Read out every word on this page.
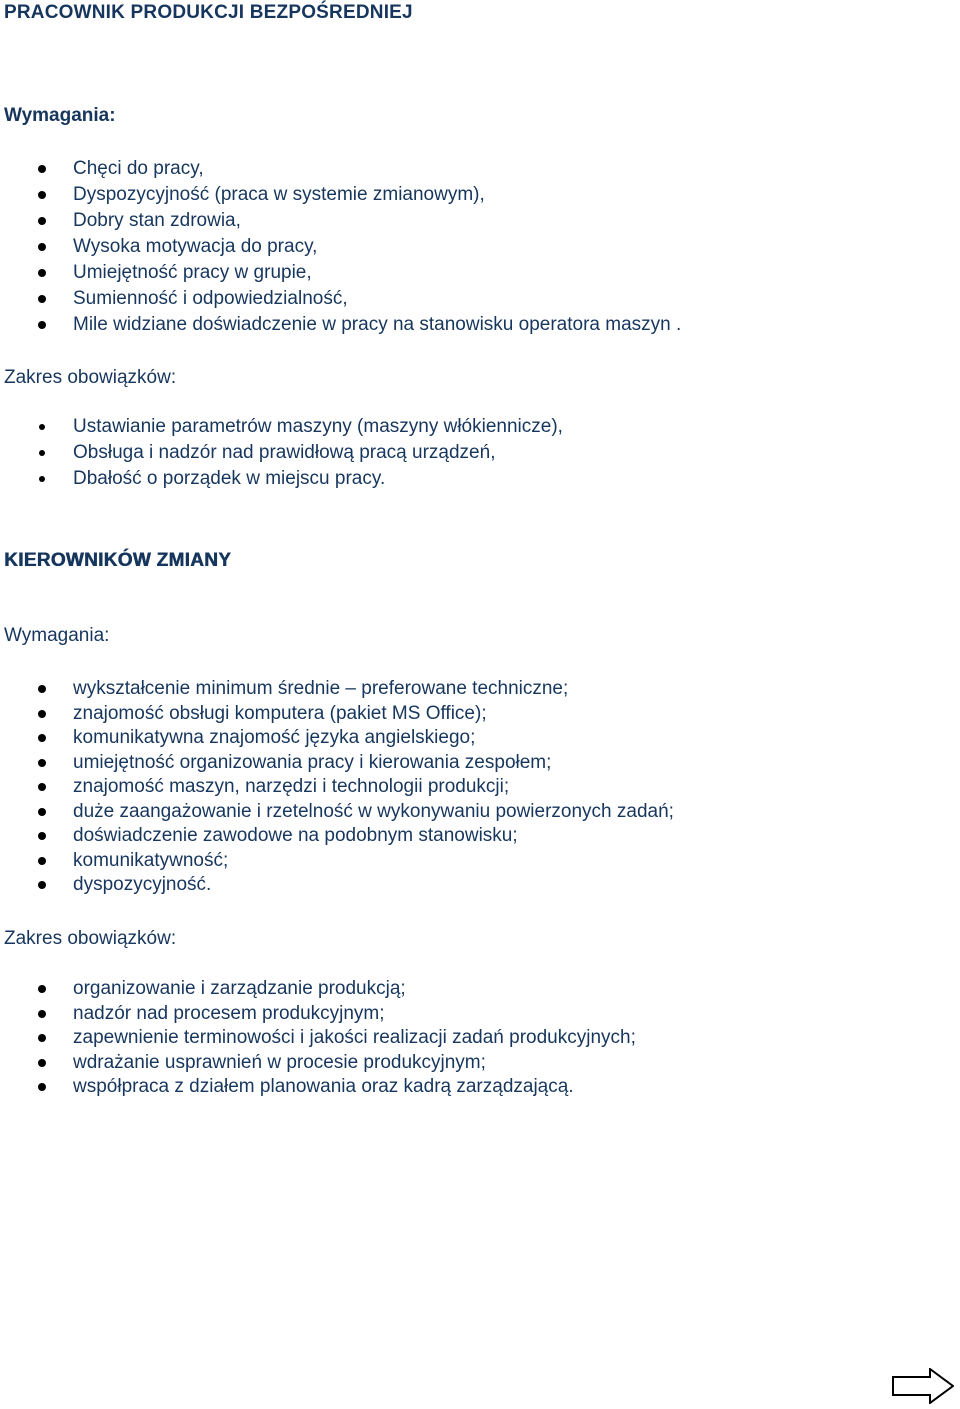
PRACOWNIK PRODUKCJI BEZPOŚREDNIEJ
Wymagania:
Chęci do pracy,
Dyspozycyjność (praca w systemie zmianowym),
Dobry stan zdrowia,
Wysoka motywacja do pracy,
Umiejętność pracy w grupie,
Sumienność i odpowiedzialność,
Mile widziane doświadczenie w pracy na stanowisku operatora maszyn .
Zakres obowiązków:
Ustawianie parametrów maszyny (maszyny włókiennicze),
Obsługa i nadzór nad prawidłową pracą urządzeń,
Dbałość o porządek w miejscu pracy.
KIEROWNIKÓW ZMIANY
Wymagania:
wykształcenie minimum średnie – preferowane techniczne;
znajomość obsługi komputera (pakiet MS Office);
komunikatywna znajomość języka angielskiego;
umiejętność organizowania pracy i kierowania zespołem;
znajomość maszyn, narzędzi i technologii produkcji;
duże zaangażowanie i rzetelność w wykonywaniu powierzonych zadań;
doświadczenie zawodowe na podobnym stanowisku;
komunikatywność;
dyspozycyjność.
Zakres obowiązków:
organizowanie i zarządzanie produkcją;
nadzór nad procesem produkcyjnym;
zapewnienie terminowości i jakości realizacji zadań produkcyjnych;
wdrażanie usprawnień w procesie produkcyjnym;
współpraca z działem planowania oraz kadrą zarządzającą.
